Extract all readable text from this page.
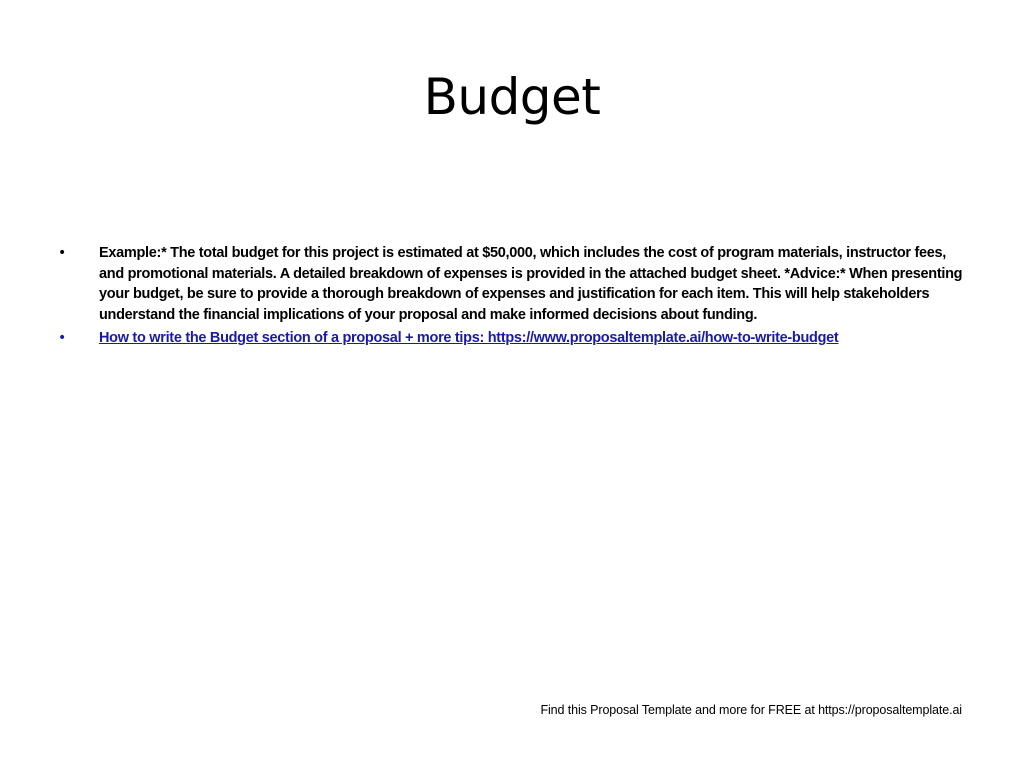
Budget
• Example:* The total budget for this project is estimated at $50,000, which includes the cost of program materials, instructor fees, and promotional materials. A detailed breakdown of expenses is provided in the attached budget sheet. *Advice:* When presenting your budget, be sure to provide a thorough breakdown of expenses and justification for each item. This will help stakeholders understand the financial implications of your proposal and make informed decisions about funding.
• How to write the Budget section of a proposal + more tips: https://www.proposaltemplate.ai/how-to-write-budget
Find this Proposal Template and more for FREE at https://proposaltemplate.ai
